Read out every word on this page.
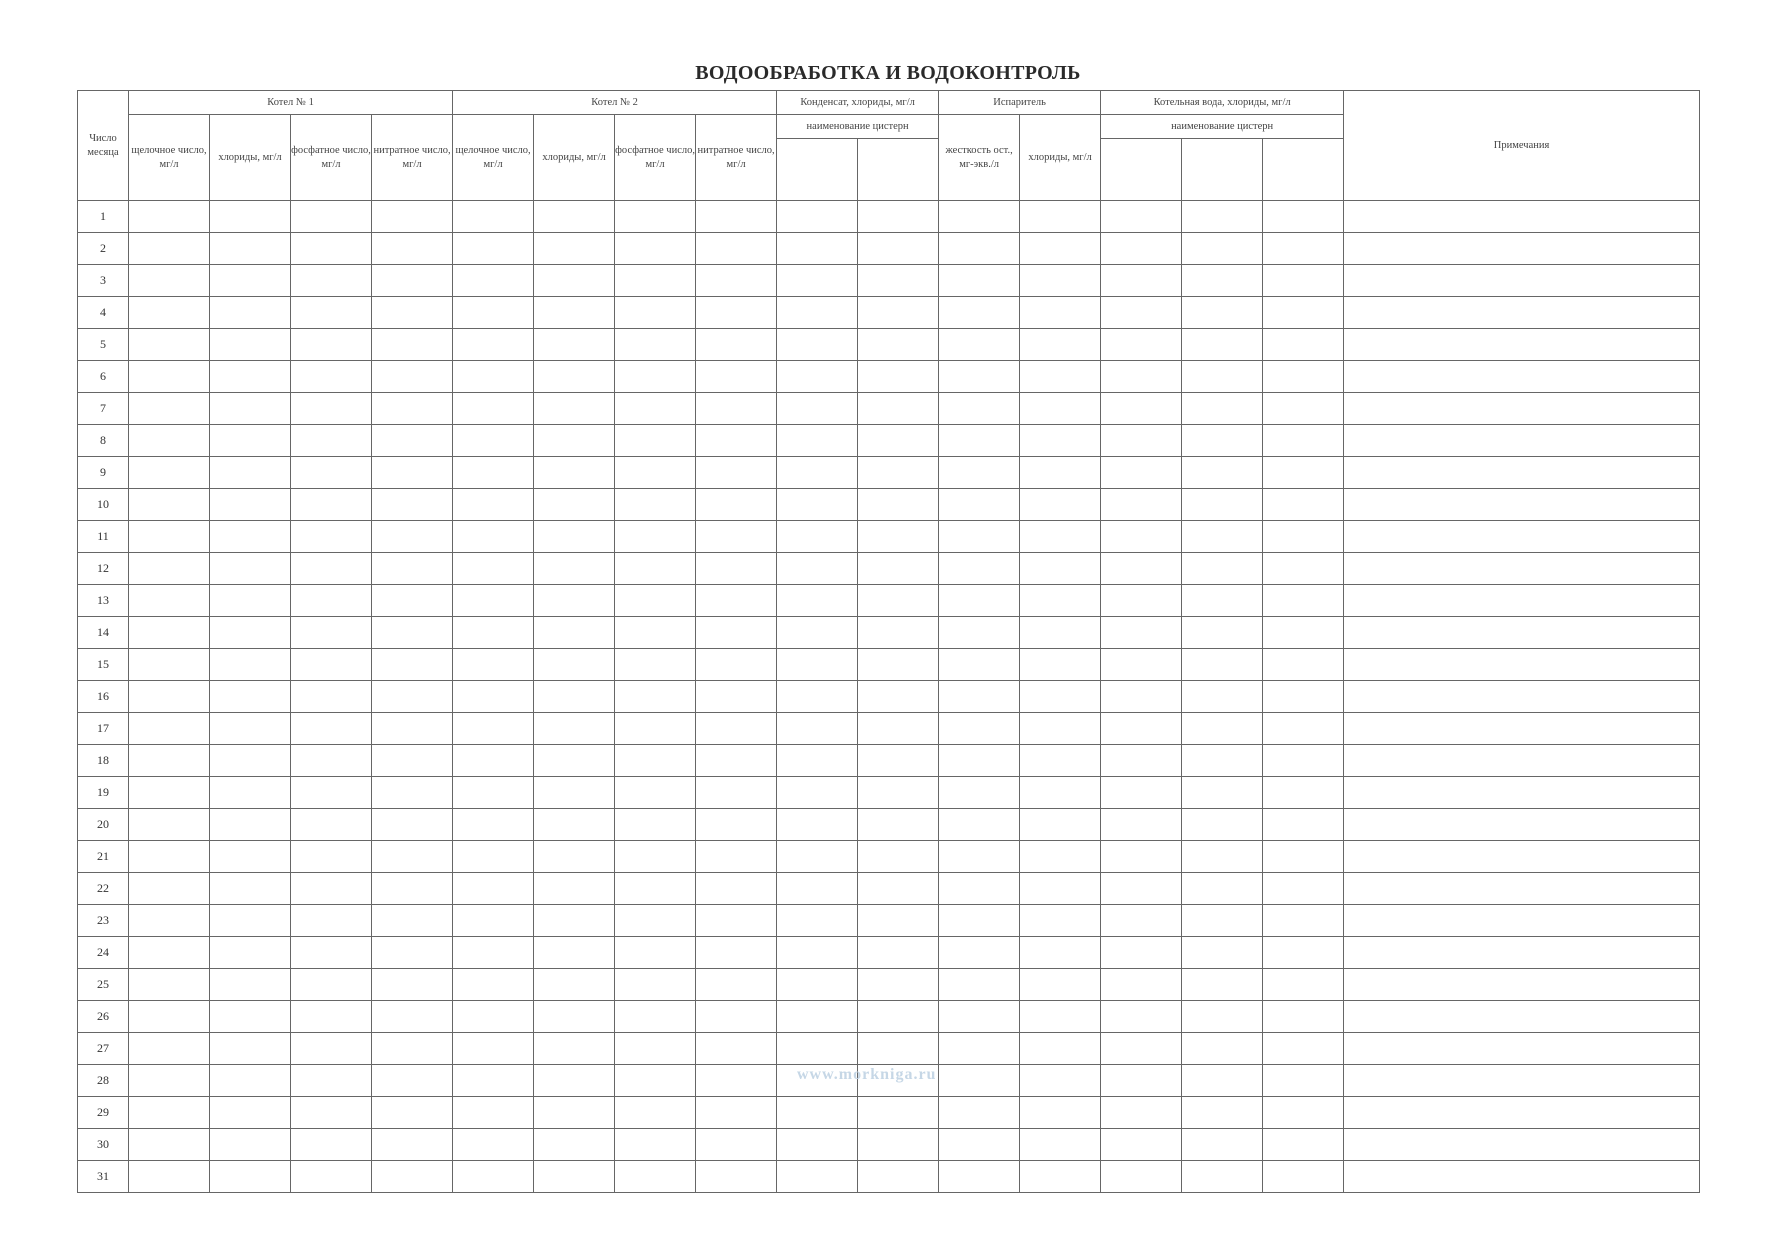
ВОДООБРАБОТКА И ВОДОКОНТРОЛЬ
Число месяца	Котел № 1				Котел № 2				Конденсат, хлориды, мг/л		Испаритель		Котельная вода, хлориды, мг/л			Примечания
	щелочное число, мг/л	хлориды, мг/л	фосфатное число, мг/л	нитратное число, мг/л	щелочное число, мг/л	хлориды, мг/л	фосфатное число, мг/л	нитратное число, мг/л	наименование цистерн		жесткость ост., мг-экв./л	хлориды, мг/л	наименование цистерн			

1																
2																
3																
4																
5																
6																
7																
8																
9																
10																
11																
12																
13																
14																
15																
16																
17																
18																
19																
20																
21																
22																
23																
24																
25																
26																
27																
28																
29																
30																
31																
www.morkniga.ru
